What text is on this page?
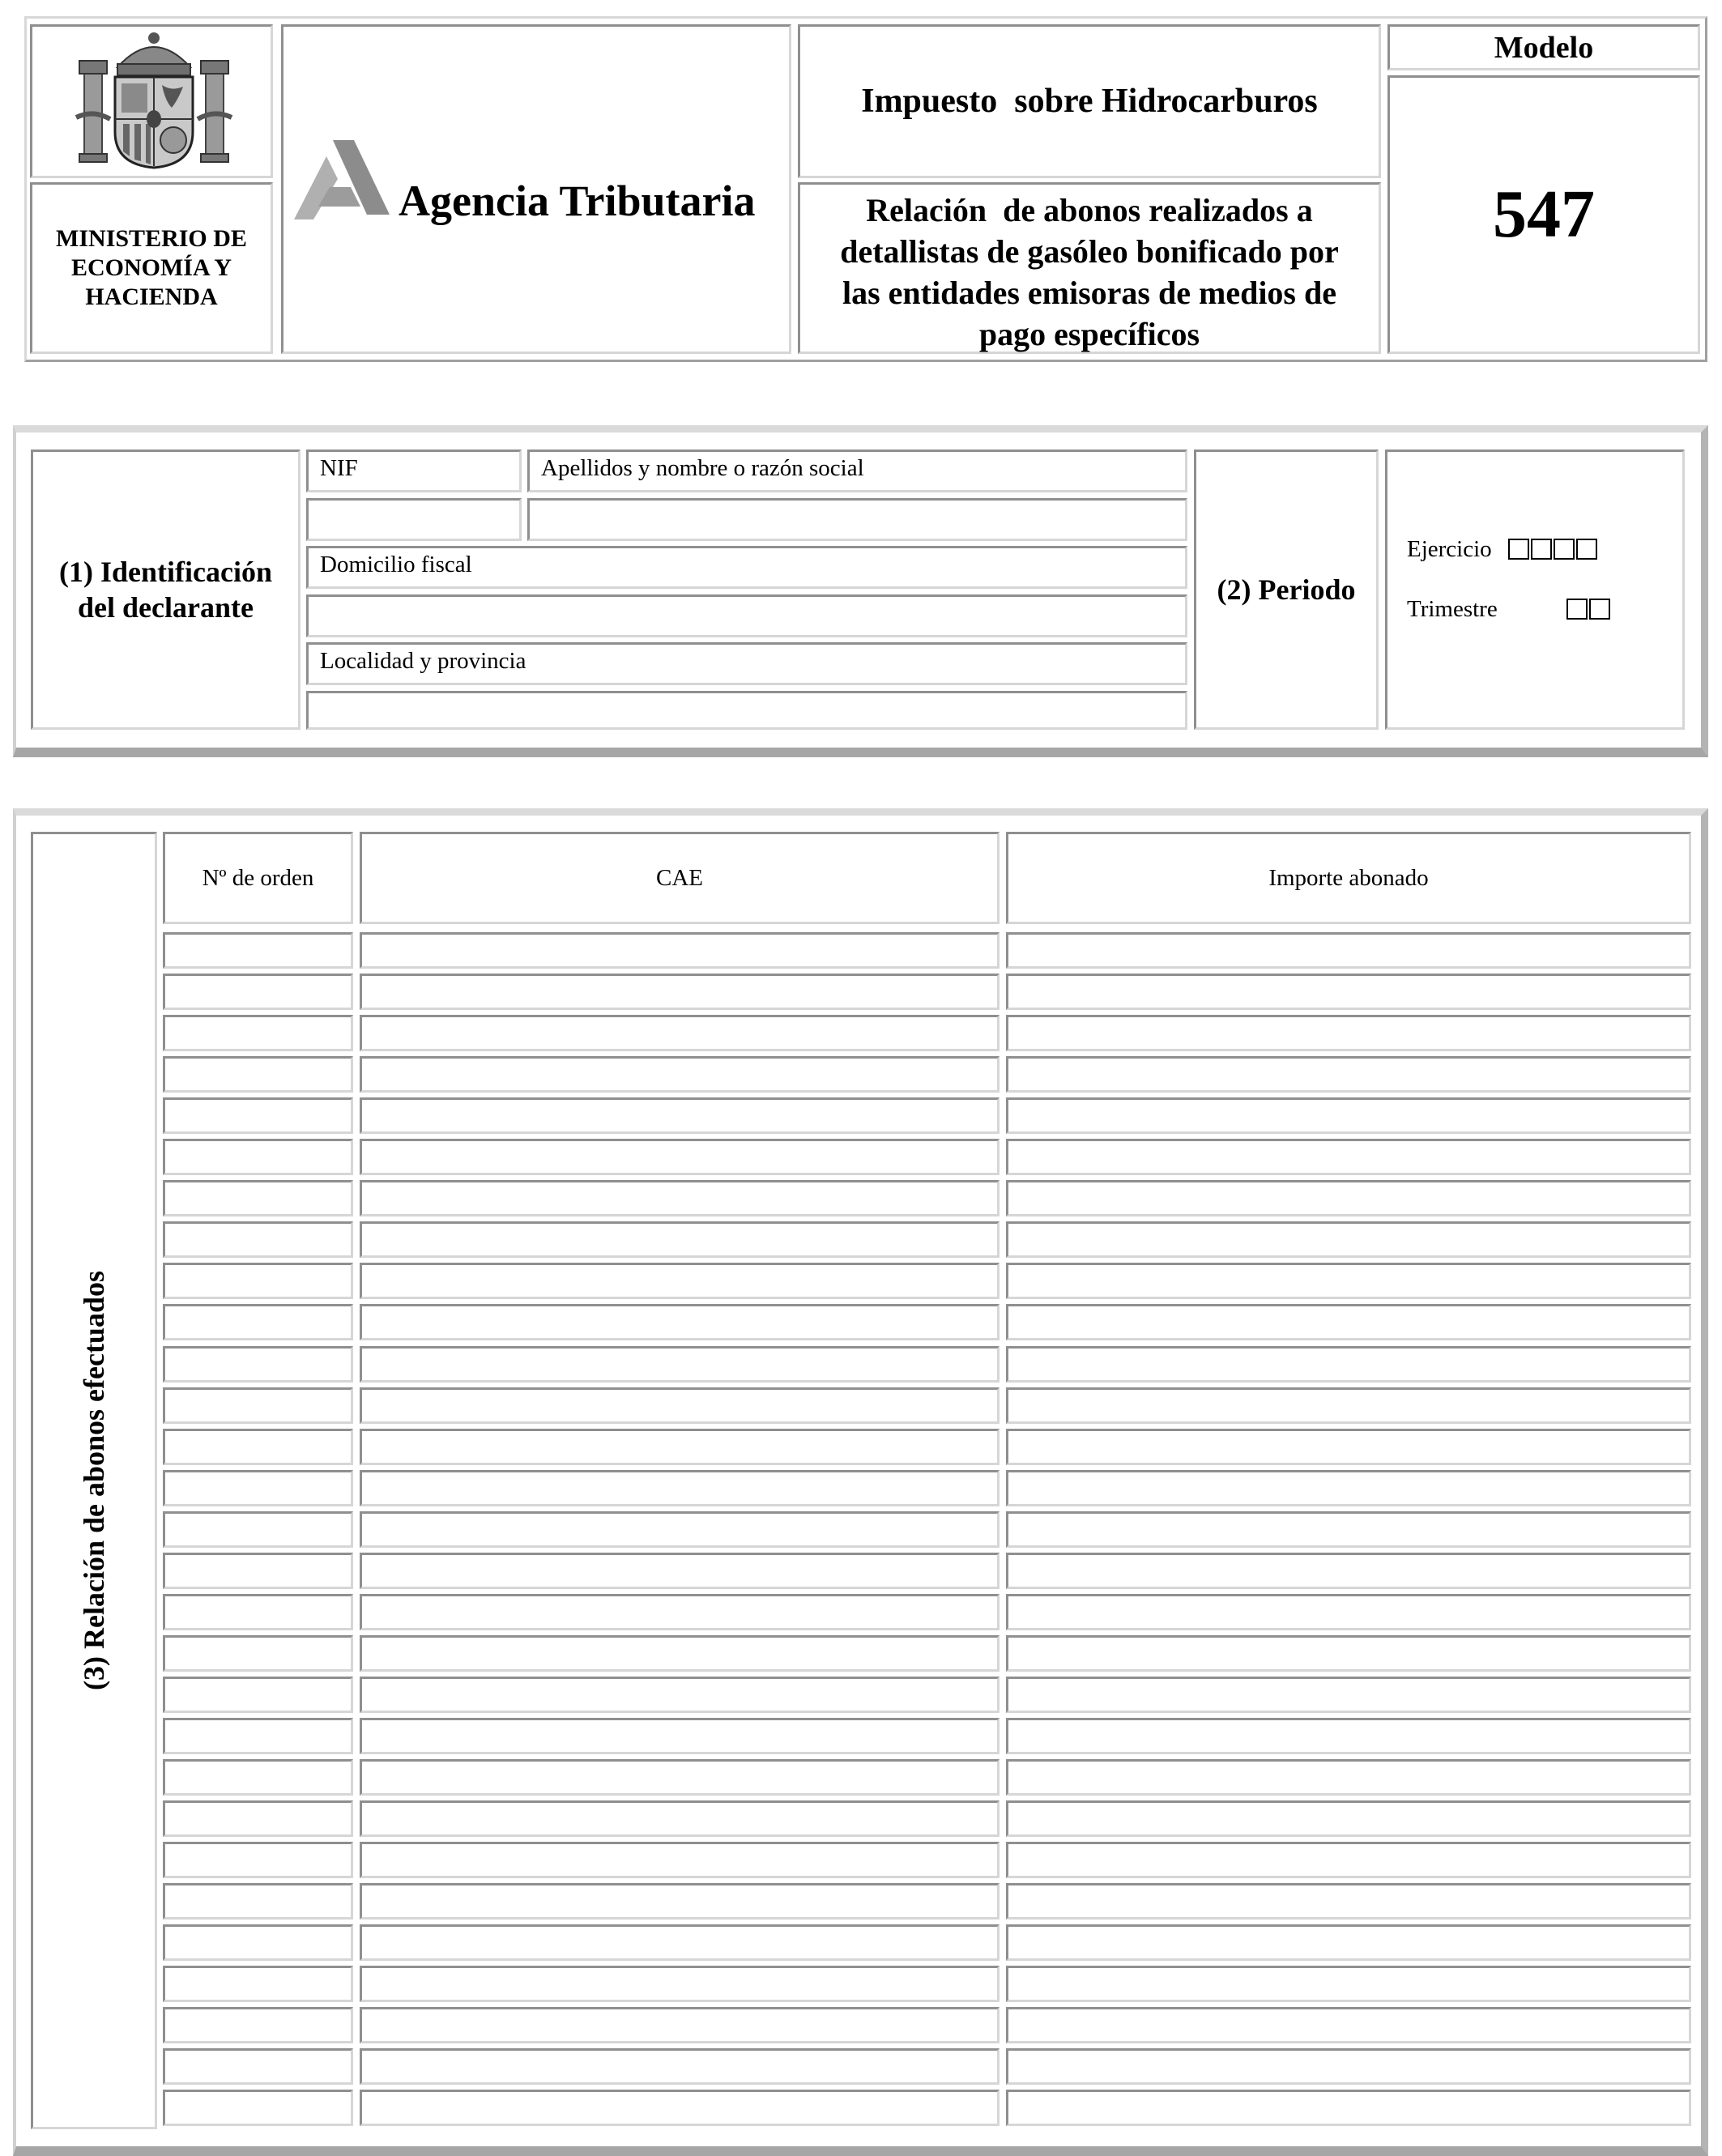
MINISTERIO DE
ECONOMÍA Y
HACIENDA
Agencia Tributaria
Impuesto  sobre Hidrocarburos
Relación  de abonos realizados a
detallistas de gasóleo bonificado por
las entidades emisoras de medios de
pago específicos
Modelo
547
(1) Identificación
del declarante
NIF	Apellidos y nombre o razón social
Domicilio fiscal
Localidad y provincia
(2) Periodo
Ejercicio
Trimestre
(3) Relación de abonos efectuados
Nº de orden	CAE	Importe abonado
